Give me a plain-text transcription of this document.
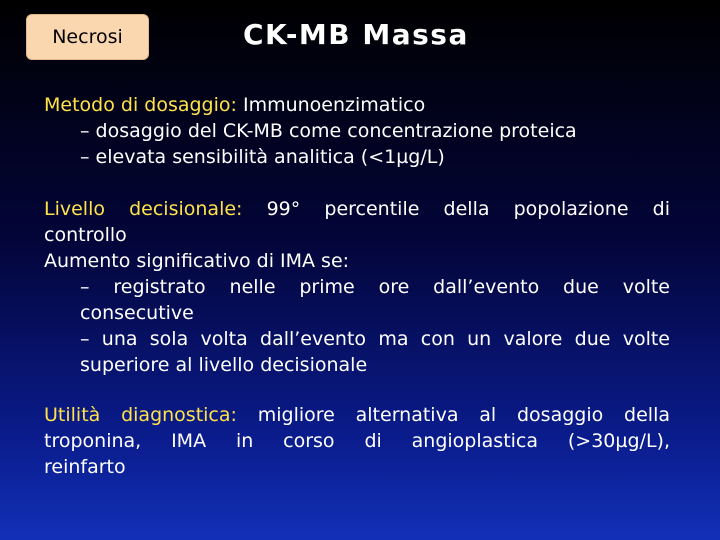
Necrosi	CK-MB Massa
Metodo di dosaggio: Immunoenzimatico
– dosaggio del CK-MB come concentrazione proteica
– elevata sensibilità analitica (<1µg/L)
Livello decisionale: 99° percentile della popolazione di
controllo
Aumento significativo di IMA se:
– registrato nelle prime ore dall’evento due volte
consecutive
– una sola volta dall’evento ma con un valore due volte
superiore al livello decisionale
Utilità diagnostica: migliore alternativa al dosaggio della
troponina, IMA in corso di angioplastica (>30µg/L),
reinfarto
